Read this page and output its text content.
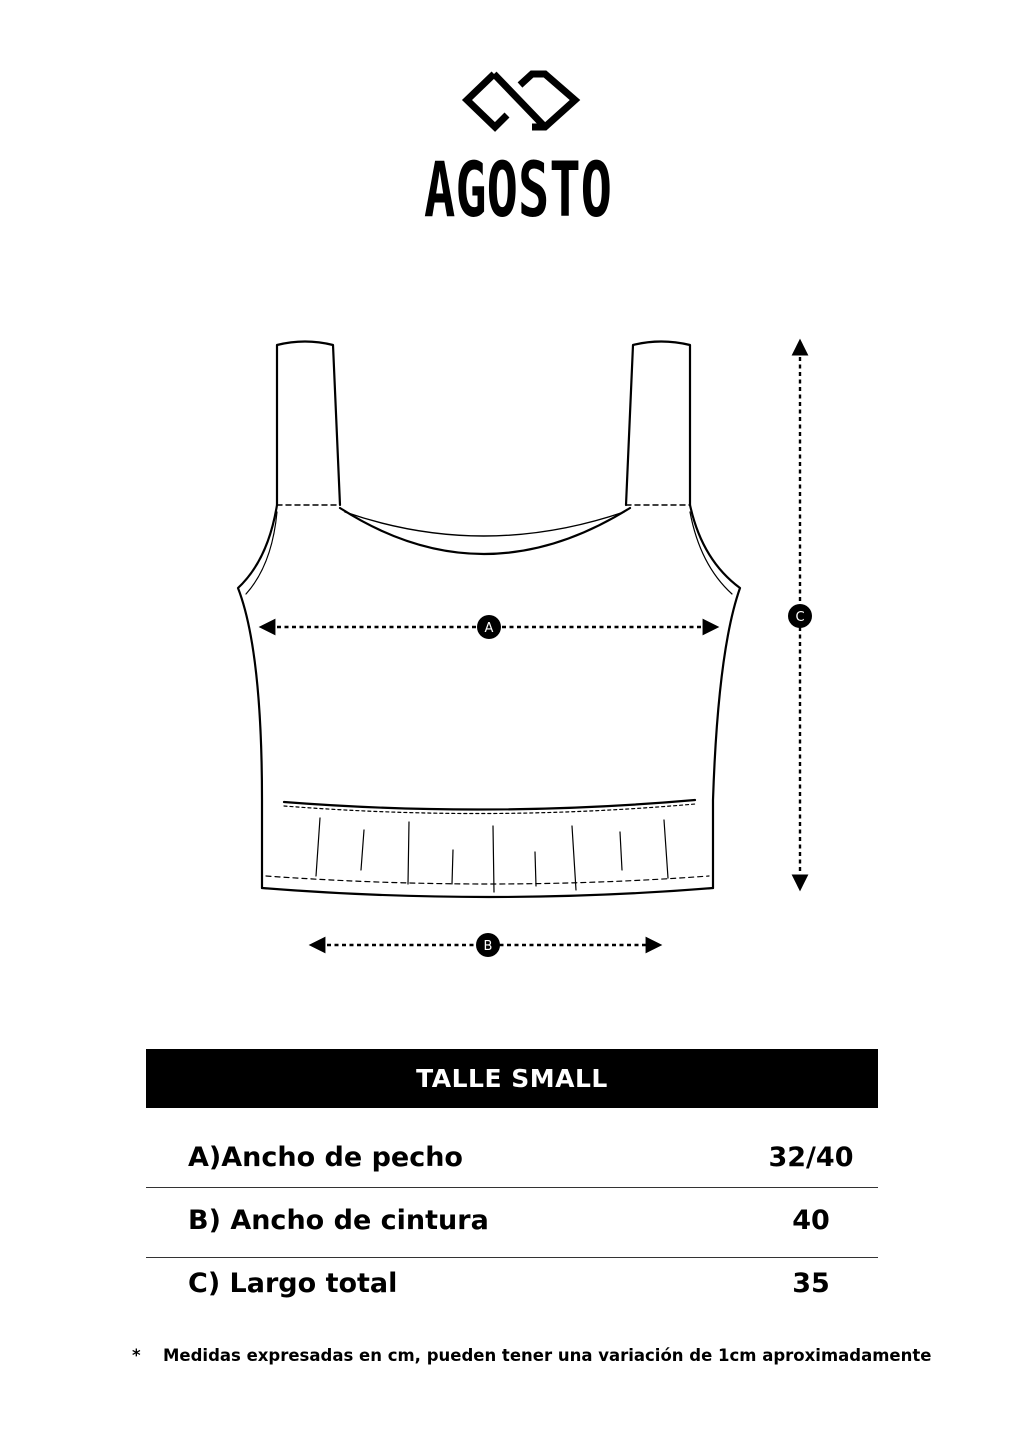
AGOSTO
A
B
C
TALLE SMALL
A)Ancho de pecho	32/40
B) Ancho de cintura	40
C) Largo total	35
* Medidas expresadas en cm, pueden tener una variación de 1cm aproximadamente
